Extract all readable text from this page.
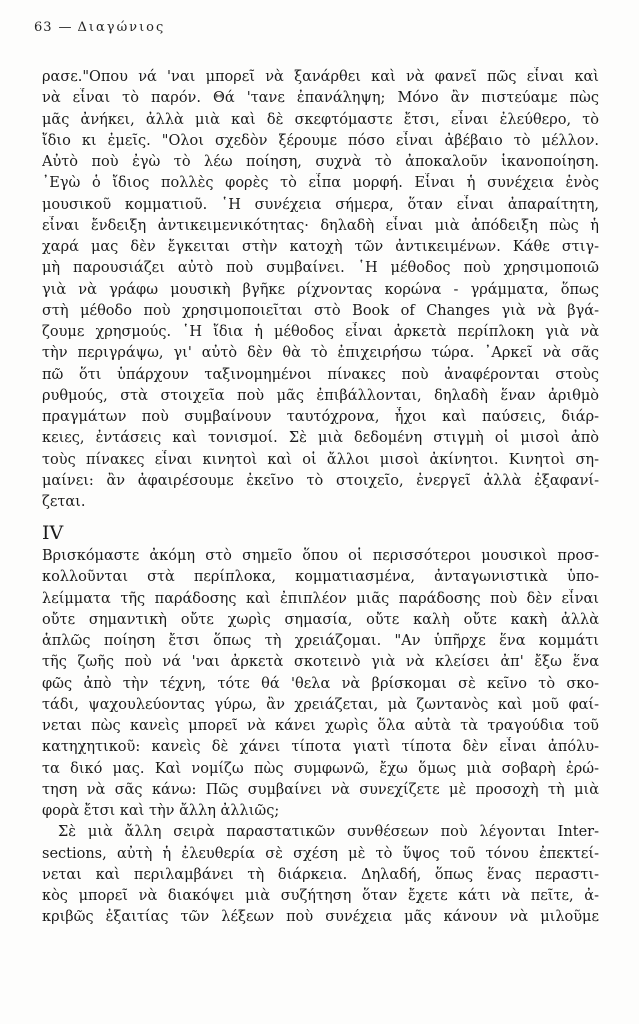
63 — Διαγώνιος
ρασε."Οπου νά 'ναι μπορεῖ νὰ ξανάρθει καὶ νὰ φανεῖ πῶς εἶναι καὶ
νὰ εἶναι τὸ παρόν. Θά 'τανε ἐπανάληψη; Μόνο ἂν πιστεύαμε πὼς
μᾶς ἀνήκει, ἀλλὰ μιὰ καὶ δὲ σκεφτόμαστε ἔτσι, εἶναι ἐλεύθερο, τὸ
ἴδιο κι ἐμεῖς. "Ολοι σχεδὸν ξέρουμε πόσο εἶναι ἀβέβαιο τὸ μέλλον.
Αὐτὸ ποὺ ἐγὼ τὸ λέω ποίηση, συχνὰ τὸ ἀποκαλοῦν ἱκανοποίηση.
᾿Εγὼ ὁ ἴδιος πολλὲς φορὲς τὸ εἶπα μορφή. Εἶναι ἡ συνέχεια ἑνὸς
μουσικοῦ κομματιοῦ. ῾Η συνέχεια σήμερα, ὅταν εἶναι ἀπαραίτητη,
εἶναι ἔνδειξη ἀντικειμενικότητας· δηλαδὴ εἶναι μιὰ ἀπόδειξη πὼς ἡ
χαρά μας δὲν ἔγκειται στὴν κατοχὴ τῶν ἀντικειμένων. Κάθε στιγ-
μὴ παρουσιάζει αὐτὸ ποὺ συμβαίνει. ῾Η μέθοδος ποὺ χρησιμοποιῶ
γιὰ νὰ γράφω μουσικὴ βγῆκε ρίχνοντας κορώνα - γράμματα, ὅπως
στὴ μέθοδο ποὺ χρησιμοποιεῖται στὸ Book of Changes γιὰ νὰ βγά-
ζουμε χρησμούς. ῾Η ἴδια ἡ μέθοδος εἶναι ἀρκετὰ περίπλοκη γιὰ νὰ
τὴν περιγράψω, γι' αὐτὸ δὲν θὰ τὸ ἐπιχειρήσω τώρα. ᾿Αρκεῖ νὰ σᾶς
πῶ ὅτι ὑπάρχουν ταξινομημένοι πίνακες ποὺ ἀναφέρονται στοὺς
ρυθμούς, στὰ στοιχεῖα ποὺ μᾶς ἐπιβάλλονται, δηλαδὴ ἕναν ἀριθμὸ
πραγμάτων ποὺ συμβαίνουν ταυτόχρονα, ἦχοι καὶ παύσεις, διάρ-
κειες, ἐντάσεις καὶ τονισμοί. Σὲ μιὰ δεδομένη στιγμὴ οἱ μισοὶ ἀπὸ
τοὺς πίνακες εἶναι κινητοὶ καὶ οἱ ἄλλοι μισοὶ ἀκίνητοι. Κινητοὶ ση-
μαίνει: ἂν ἀφαιρέσουμε ἐκεῖνο τὸ στοιχεῖο, ἐνεργεῖ ἀλλὰ ἐξαφανί-
ζεται.
IV
Βρισκόμαστε ἀκόμη στὸ σημεῖο ὅπου οἱ περισσότεροι μουσικοὶ προσ-
κολλοῦνται στὰ περίπλοκα, κομματιασμένα, ἀνταγωνιστικὰ ὑπο-
λείμματα τῆς παράδοσης καὶ ἐπιπλέον μιᾶς παράδοσης ποὺ δὲν εἶναι
οὔτε σημαντικὴ οὔτε χωρὶς σημασία, οὔτε καλὴ οὔτε κακὴ ἀλλὰ
ἁπλῶς ποίηση ἔτσι ὅπως τὴ χρειάζομαι. "Αν ὑπῆρχε ἕνα κομμάτι
τῆς ζωῆς ποὺ νά 'ναι ἀρκετὰ σκοτεινὸ γιὰ νὰ κλείσει ἀπ' ἔξω ἕνα
φῶς ἀπὸ τὴν τέχνη, τότε θά 'θελα νὰ βρίσκομαι σὲ κεῖνο τὸ σκο-
τάδι, ψαχουλεύοντας γύρω, ἂν χρειάζεται, μὰ ζωντανὸς καὶ μοῦ φαί-
νεται πὼς κανεὶς μπορεῖ νὰ κάνει χωρὶς ὅλα αὐτὰ τὰ τραγούδια τοῦ
κατηχητικοῦ: κανεὶς δὲ χάνει τίποτα γιατὶ τίποτα δὲν εἶναι ἀπόλυ-
τα δικό μας. Καὶ νομίζω πὼς συμφωνῶ, ἔχω ὅμως μιὰ σοβαρὴ ἐρώ-
τηση νὰ σᾶς κάνω: Πῶς συμβαίνει νὰ συνεχίζετε μὲ προσοχὴ τὴ μιὰ
φορὰ ἔτσι καὶ τὴν ἄλλη ἀλλιῶς;
Σὲ μιὰ ἄλλη σειρὰ παραστατικῶν συνθέσεων ποὺ λέγονται Inter-
sections, αὐτὴ ἡ ἐλευθερία σὲ σχέση μὲ τὸ ὕψος τοῦ τόνου ἐπεκτεί-
νεται καὶ περιλαμβάνει τὴ διάρκεια. Δηλαδή, ὅπως ἕνας περαστι-
κὸς μπορεῖ νὰ διακόψει μιὰ συζήτηση ὅταν ἔχετε κάτι νὰ πεῖτε, ἀ-
κριβῶς ἐξαιτίας τῶν λέξεων ποὺ συνέχεια μᾶς κάνουν νὰ μιλοῦμε
